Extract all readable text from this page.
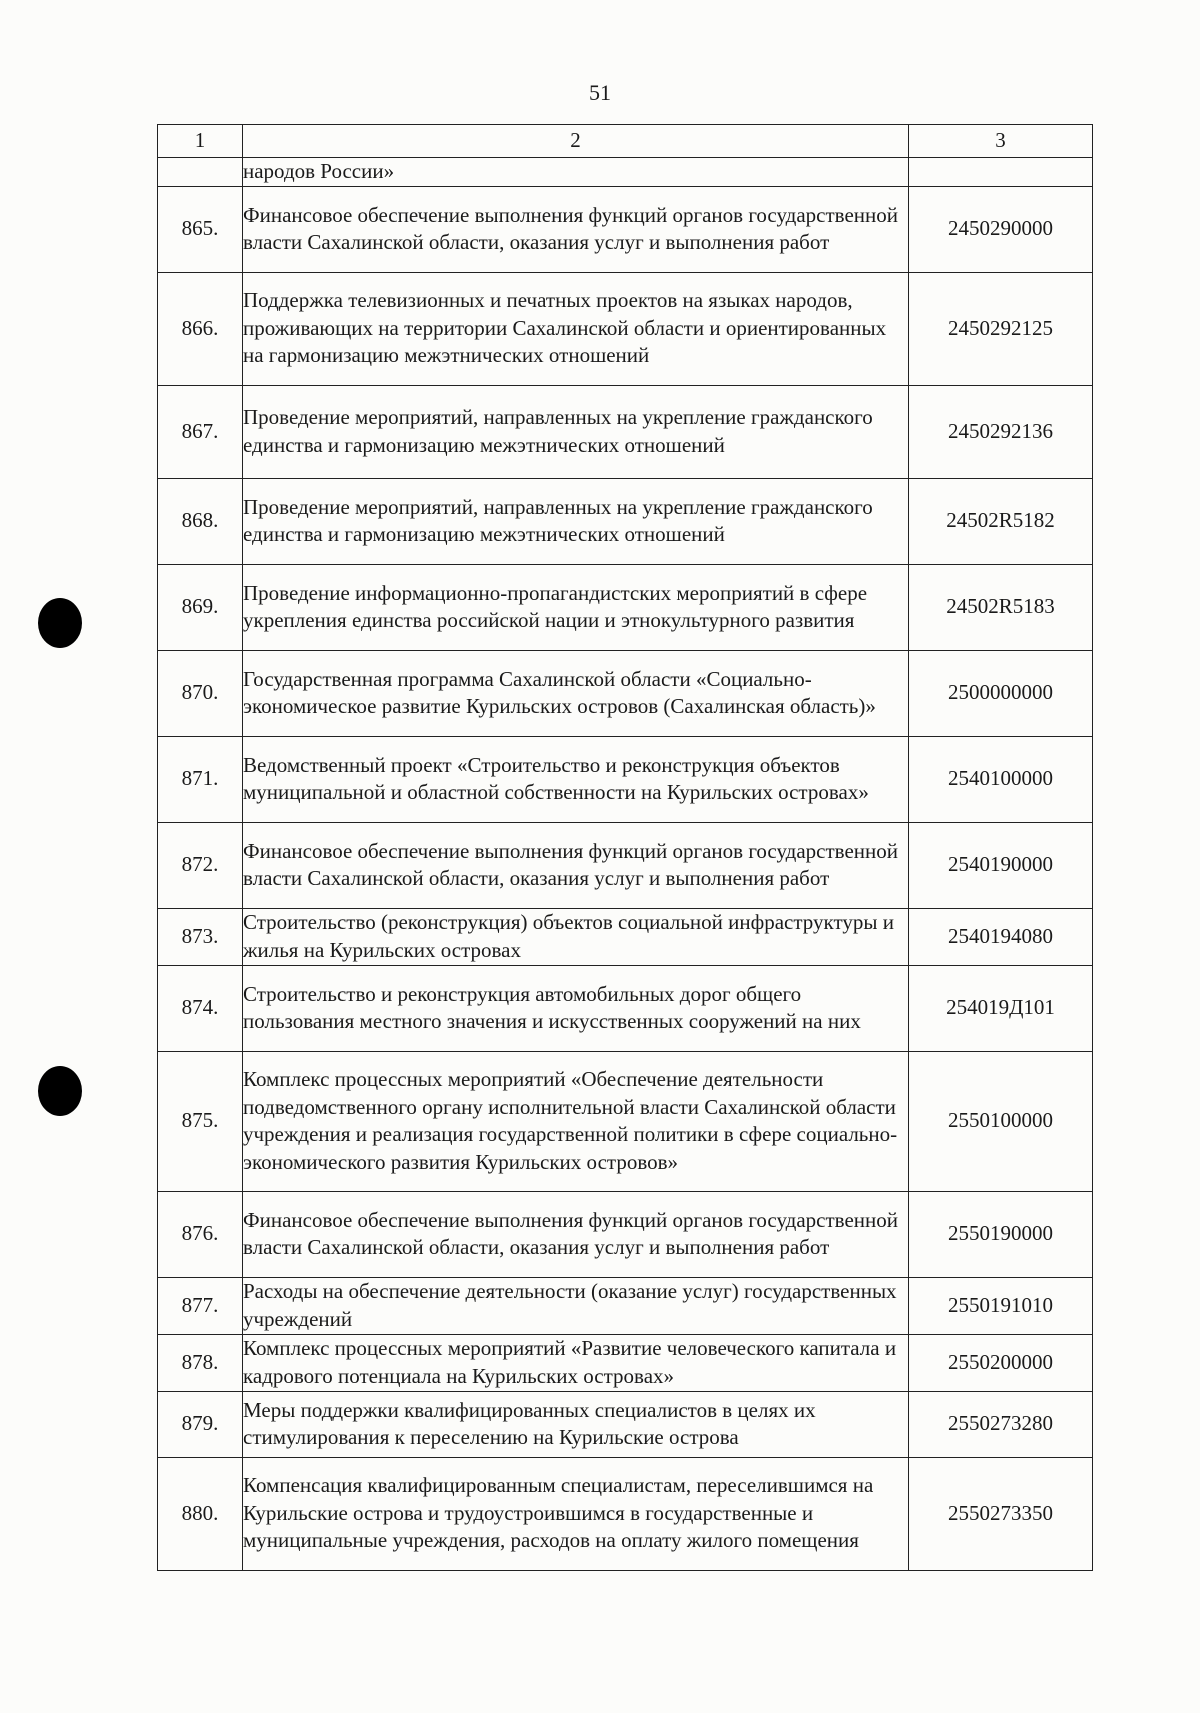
51
1	2	3
	народов России»	
865.	Финансовое обеспечение выполнения функций органов государственной власти Сахалинской области, оказания услуг и выполнения работ	2450290000
866.	Поддержка телевизионных и печатных проектов на языках народов, проживающих на территории Сахалинской области и ориентированных на гармонизацию межэтнических отношений	2450292125
867.	Проведение мероприятий, направленных на укрепление гражданского единства и гармонизацию межэтнических отношений	2450292136
868.	Проведение мероприятий, направленных на укрепление гражданского единства и гармонизацию межэтнических отношений	24502R5182
869.	Проведение информационно-пропагандистских мероприятий в сфере укрепления единства российской нации и этнокультурного развития	24502R5183
870.	Государственная программа Сахалинской области «Социально-экономическое развитие Курильских островов (Сахалинская область)»	2500000000
871.	Ведомственный проект «Строительство и реконструкция объектов муниципальной и областной собственности на Курильских островах»	2540100000
872.	Финансовое обеспечение выполнения функций органов государственной власти Сахалинской области, оказания услуг и выполнения работ	2540190000
873.	Строительство (реконструкция) объектов социальной инфраструктуры и жилья на Курильских островах	2540194080
874.	Строительство и реконструкция автомобильных дорог общего пользования местного значения и искусственных сооружений на них	254019Д101
875.	Комплекс процессных мероприятий «Обеспечение деятельности подведомственного органу исполнительной власти Сахалинской области учреждения и реализация государственной политики в сфере социально-экономического развития Курильских островов»	2550100000
876.	Финансовое обеспечение выполнения функций органов государственной власти Сахалинской области, оказания услуг и выполнения работ	2550190000
877.	Расходы на обеспечение деятельности (оказание услуг) государственных учреждений	2550191010
878.	Комплекс процессных мероприятий «Развитие человеческого капитала и кадрового потенциала на Курильских островах»	2550200000
879.	Меры поддержки квалифицированных специалистов в целях их стимулирования к переселению на Курильские острова	2550273280
880.	Компенсация квалифицированным специалистам, переселившимся на Курильские острова и трудоустроившимся в государственные и муниципальные учреждения, расходов на оплату жилого помещения	2550273350
